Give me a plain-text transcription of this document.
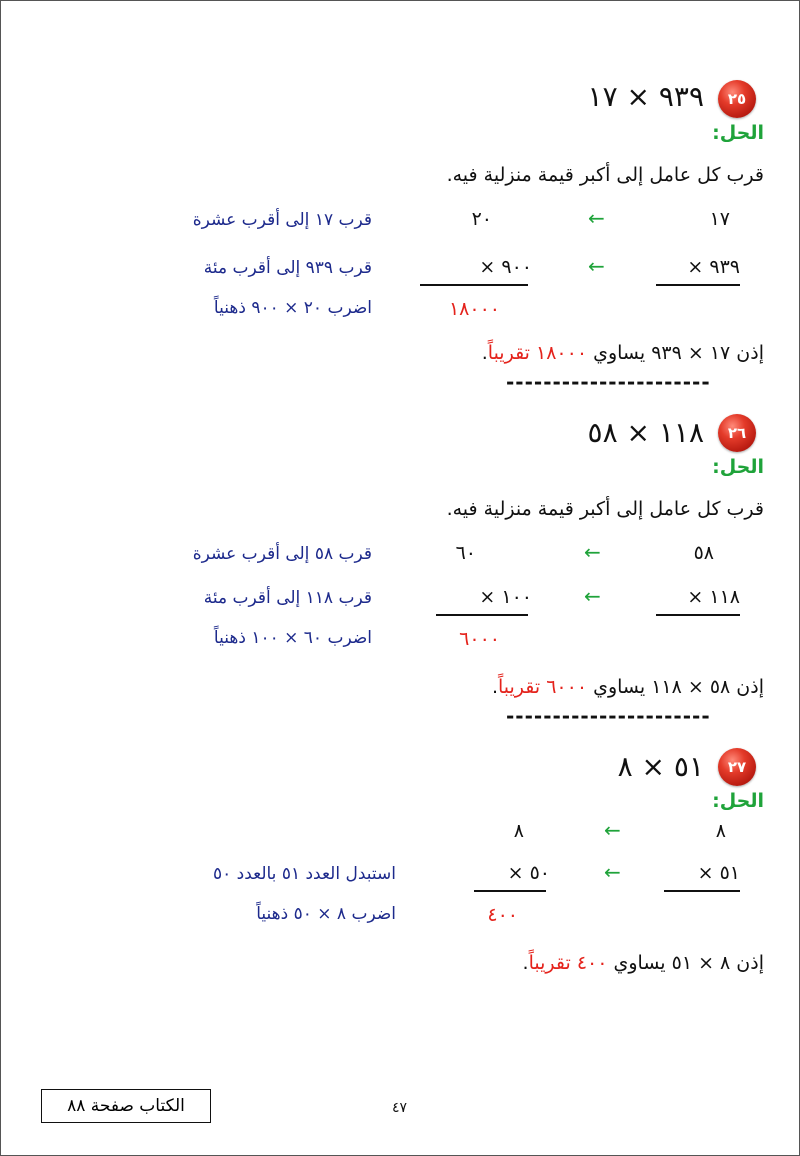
٢٥
٩٣٩ × ١٧
الحل:
قرب كل عامل إلى أكبر قيمة منزلية فيه.
١٧
←
٢٠
قرب ١٧ إلى أقرب عشرة
٩٣٩ ×
←
٩٠٠ ×
قرب ٩٣٩ إلى أقرب مئة
١٨٠٠٠
اضرب ٢٠ × ٩٠٠ ذهنياً
إذن ١٧ × ٩٣٩ يساوي ١٨٠٠٠ تقريباً.
----------------------
٢٦
١١٨ × ٥٨
الحل:
قرب كل عامل إلى أكبر قيمة منزلية فيه.
٥٨
←
٦٠
قرب ٥٨ إلى أقرب عشرة
١١٨ ×
←
١٠٠ ×
قرب ١١٨ إلى أقرب مئة
٦٠٠٠
اضرب ٦٠ × ١٠٠ ذهنياً
إذن ٥٨ × ١١٨ يساوي ٦٠٠٠ تقريباً.
----------------------
٢٧
٥١ × ٨
الحل:
٨
←
٨
٥١ ×
←
٥٠ ×
استبدل العدد ٥١ بالعدد ٥٠
٤٠٠
اضرب ٨ × ٥٠ ذهنياً
إذن ٨ × ٥١ يساوي ٤٠٠ تقريباً.
الكتاب صفحة ٨٨	٤٧
